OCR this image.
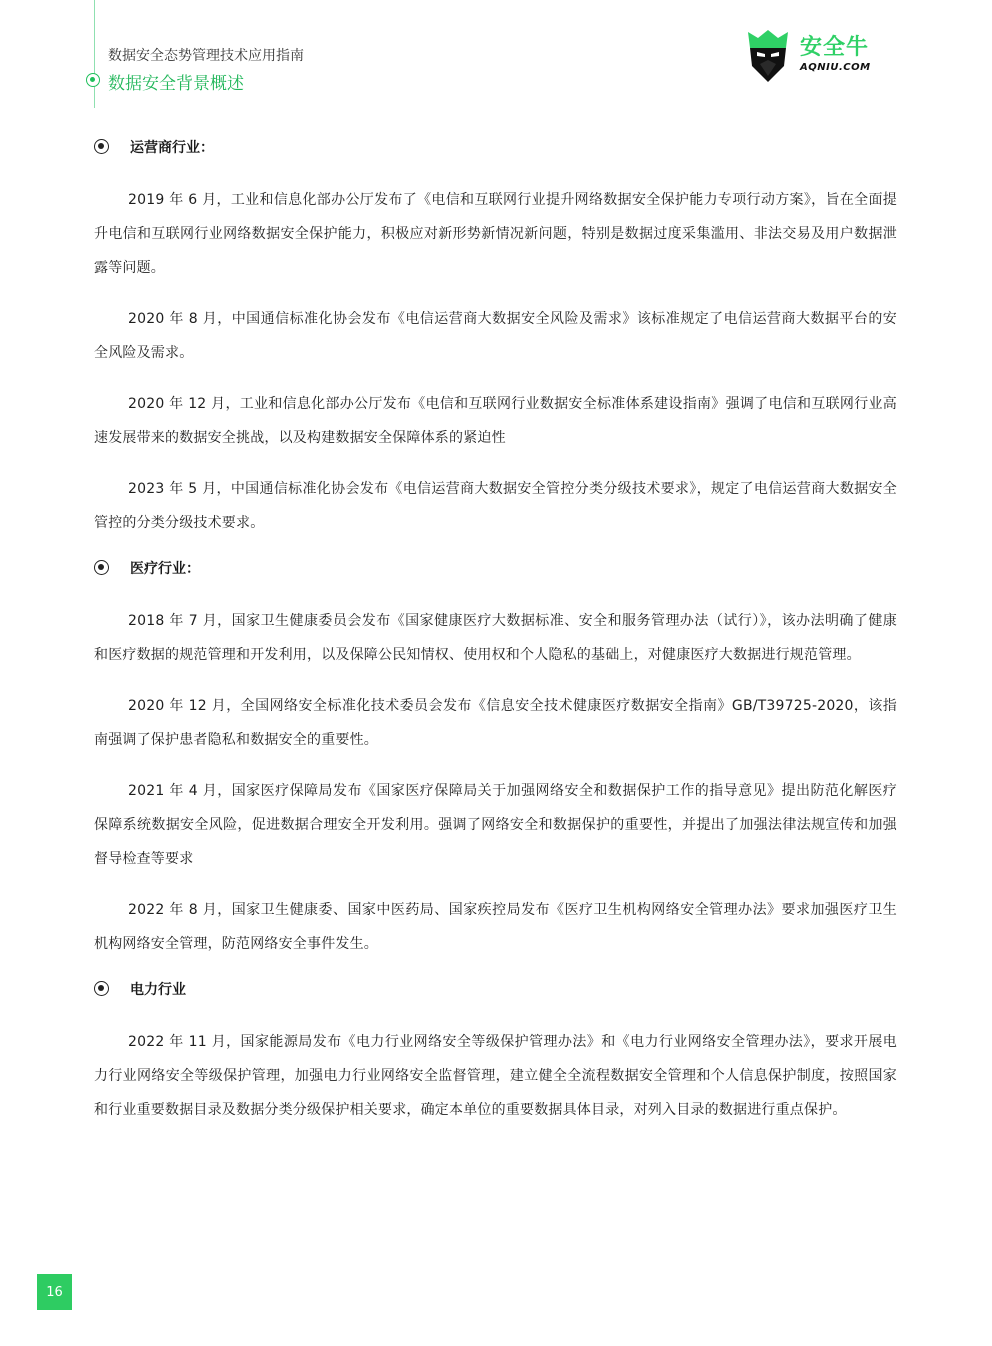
数据安全态势管理技术应用指南
数据安全背景概述
安全牛
AQNIU.COM
运营商行业：

2019 年 6 月，工业和信息化部办公厅发布了《电信和互联网行业提升网络数据安全保护能力专项行动方案》，旨在全面提升电信和互联网行业网络数据安全保护能力，积极应对新形势新情况新问题，特别是数据过度采集滥用、非法交易及用户数据泄露等问题。

2020 年 8 月，中国通信标准化协会发布《电信运营商大数据安全风险及需求》该标准规定了电信运营商大数据平台的安全风险及需求。

2020 年 12 月，工业和信息化部办公厅发布《电信和互联网行业数据安全标准体系建设指南》强调了电信和互联网行业高速发展带来的数据安全挑战，以及构建数据安全保障体系的紧迫性

2023 年 5 月，中国通信标准化协会发布《电信运营商大数据安全管控分类分级技术要求》，规定了电信运营商大数据安全管控的分类分级技术要求。

医疗行业：

2018 年 7 月，国家卫生健康委员会发布《国家健康医疗大数据标准、安全和服务管理办法（试行）》，该办法明确了健康和医疗数据的规范管理和开发利用，以及保障公民知情权、使用权和个人隐私的基础上，对健康医疗大数据进行规范管理。

2020 年 12 月，全国网络安全标准化技术委员会发布《信息安全技术健康医疗数据安全指南》GB/T39725-2020，该指南强调了保护患者隐私和数据安全的重要性。

2021 年 4 月，国家医疗保障局发布《国家医疗保障局关于加强网络安全和数据保护工作的指导意见》提出防范化解医疗保障系统数据安全风险，促进数据合理安全开发利用。强调了网络安全和数据保护的重要性，并提出了加强法律法规宣传和加强督导检查等要求

2022 年 8 月，国家卫生健康委、国家中医药局、国家疾控局发布《医疗卫生机构网络安全管理办法》要求加强医疗卫生机构网络安全管理，防范网络安全事件发生。

电力行业

2022 年 11 月，国家能源局发布《电力行业网络安全等级保护管理办法》和《电力行业网络安全管理办法》，要求开展电力行业网络安全等级保护管理，加强电力行业网络安全监督管理，建立健全全流程数据安全管理和个人信息保护制度，按照国家和行业重要数据目录及数据分类分级保护相关要求，确定本单位的重要数据具体目录，对列入目录的数据进行重点保护。

16
